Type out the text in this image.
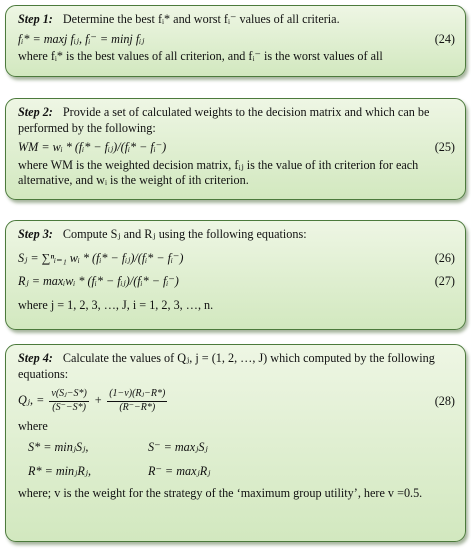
Step 1: Determine the best fᵢ* and worst fᵢ⁻ values of all criteria.
fᵢ* = maxj fᵢⱼ, fᵢ⁻ = minj fᵢⱼ	(24)
where fᵢ* is the best values of all criterion, and fᵢ⁻ is the worst values of all
Step 2: Provide a set of calculated weights to the decision matrix and which can be performed by the following:
WM = wᵢ * (fᵢ* − fᵢⱼ)/(fᵢ* − fᵢ⁻)	(25)
where WM is the weighted decision matrix, fᵢⱼ is the value of ith criterion for each alternative, and wᵢ is the weight of ith criterion.
Step 3: Compute Sⱼ and Rⱼ using the following equations:
Sⱼ = ∑ⁿᵢ₌₁ wᵢ * (fᵢ* − fᵢⱼ)/(fᵢ* − fᵢ⁻)	(26)
Rⱼ = maxᵢwᵢ * (fᵢ* − fᵢⱼ)/(fᵢ* − fᵢ⁻)	(27)
where j = 1, 2, 3, …, J, i = 1, 2, 3, …, n.
Step 4: Calculate the values of Qⱼ, j = (1, 2, …, J) which computed by the following equations:
Qⱼ, = $\frac{\text{v(Sⱼ−S*)}}{(S^--S*)} + \frac{\text{(1−v)(Rⱼ−R*)}}{(R^--R*)}$	(28)
where
S* = minⱼSⱼ,	S⁻ = maxⱼSⱼ
R* = minⱼRⱼ,	R⁻ = maxⱼRⱼ
where; v is the weight for the strategy of the ‘maximum group utility’, here v =0.5.
